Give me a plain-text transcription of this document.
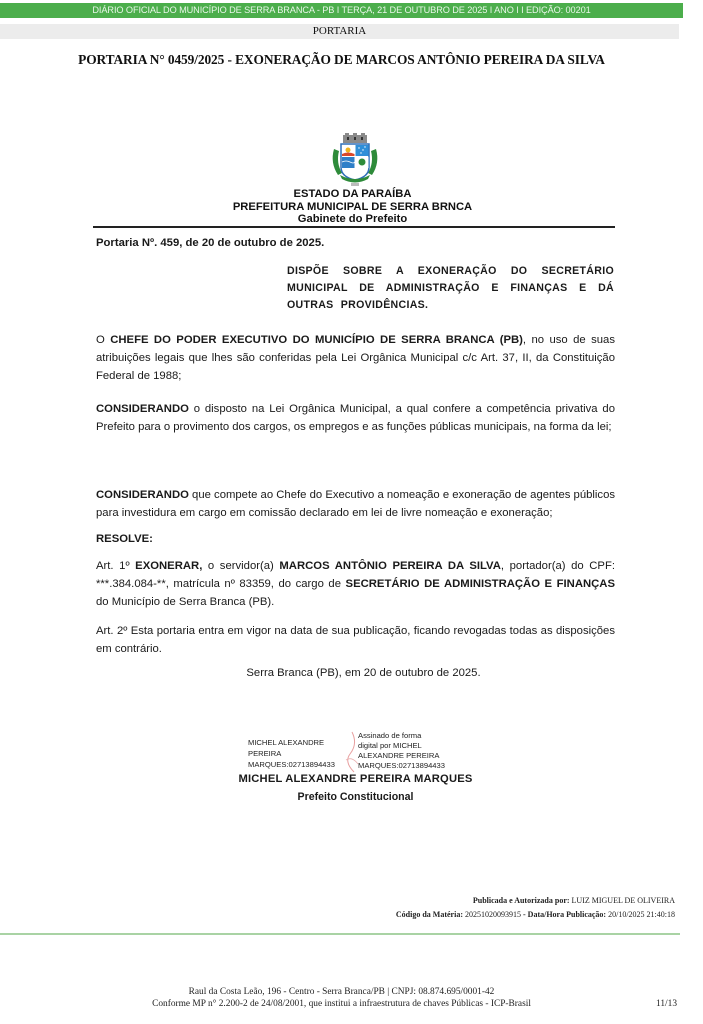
DIÁRIO OFICIAL DO MUNICÍPIO DE SERRA BRANCA - PB I TERÇA, 21 DE OUTUBRO DE 2025 I ANO I I EDIÇÃO: 00201
PORTARIA
PORTARIA N° 0459/2025 - EXONERAÇÃO DE MARCOS ANTÔNIO PEREIRA DA SILVA
ESTADO DA PARAÍBA
PREFEITURA MUNICIPAL DE SERRA BRNCA
Gabinete do Prefeito
Portaria Nº. 459, de 20 de outubro de 2025.
DISPÕE SOBRE A EXONERAÇÃO DO SECRETÁRIO MUNICIPAL DE ADMINISTRAÇÃO E FINANÇAS E DÁ OUTRAS PROVIDÊNCIAS.
O CHEFE DO PODER EXECUTIVO DO MUNICÍPIO DE SERRA BRANCA (PB), no uso de suas atribuições legais que lhes são conferidas pela Lei Orgânica Municipal c/c Art. 37, II, da Constituição Federal de 1988;
CONSIDERANDO o disposto na Lei Orgânica Municipal, a qual confere a competência privativa do Prefeito para o provimento dos cargos, os empregos e as funções públicas municipais, na forma da lei;
CONSIDERANDO que compete ao Chefe do Executivo a nomeação e exoneração de agentes públicos para investidura em cargo em comissão declarado em lei de livre nomeação e exoneração;
RESOLVE:
Art. 1º EXONERAR, o servidor(a) MARCOS ANTÔNIO PEREIRA DA SILVA, portador(a) do CPF: ***.384.084-**, matrícula nº 83359, do cargo de SECRETÁRIO DE ADMINISTRAÇÃO E FINANÇAS do Município de Serra Branca (PB).
Art. 2º Esta portaria entra em vigor na data de sua publicação, ficando revogadas todas as disposições em contrário.
Serra Branca (PB), em 20 de outubro de 2025.
MICHEL ALEXANDRE
PEREIRA
MARQUES:02713894433
Assinado de forma
digital por MICHEL
ALEXANDRE PEREIRA
MARQUES:02713894433
MICHEL ALEXANDRE PEREIRA MARQUES
Prefeito Constitucional
Publicada e Autorizada por: LUIZ MIGUEL DE OLIVEIRA
Código da Matéria: 20251020093915 - Data/Hora Publicação: 20/10/2025 21:40:18
Raul da Costa Leão, 196 - Centro - Serra Branca/PB | CNPJ: 08.874.695/0001-42
Conforme MP n° 2.200-2 de 24/08/2001, que institui a infraestrutura de chaves Públicas - ICP-Brasil	11/13
